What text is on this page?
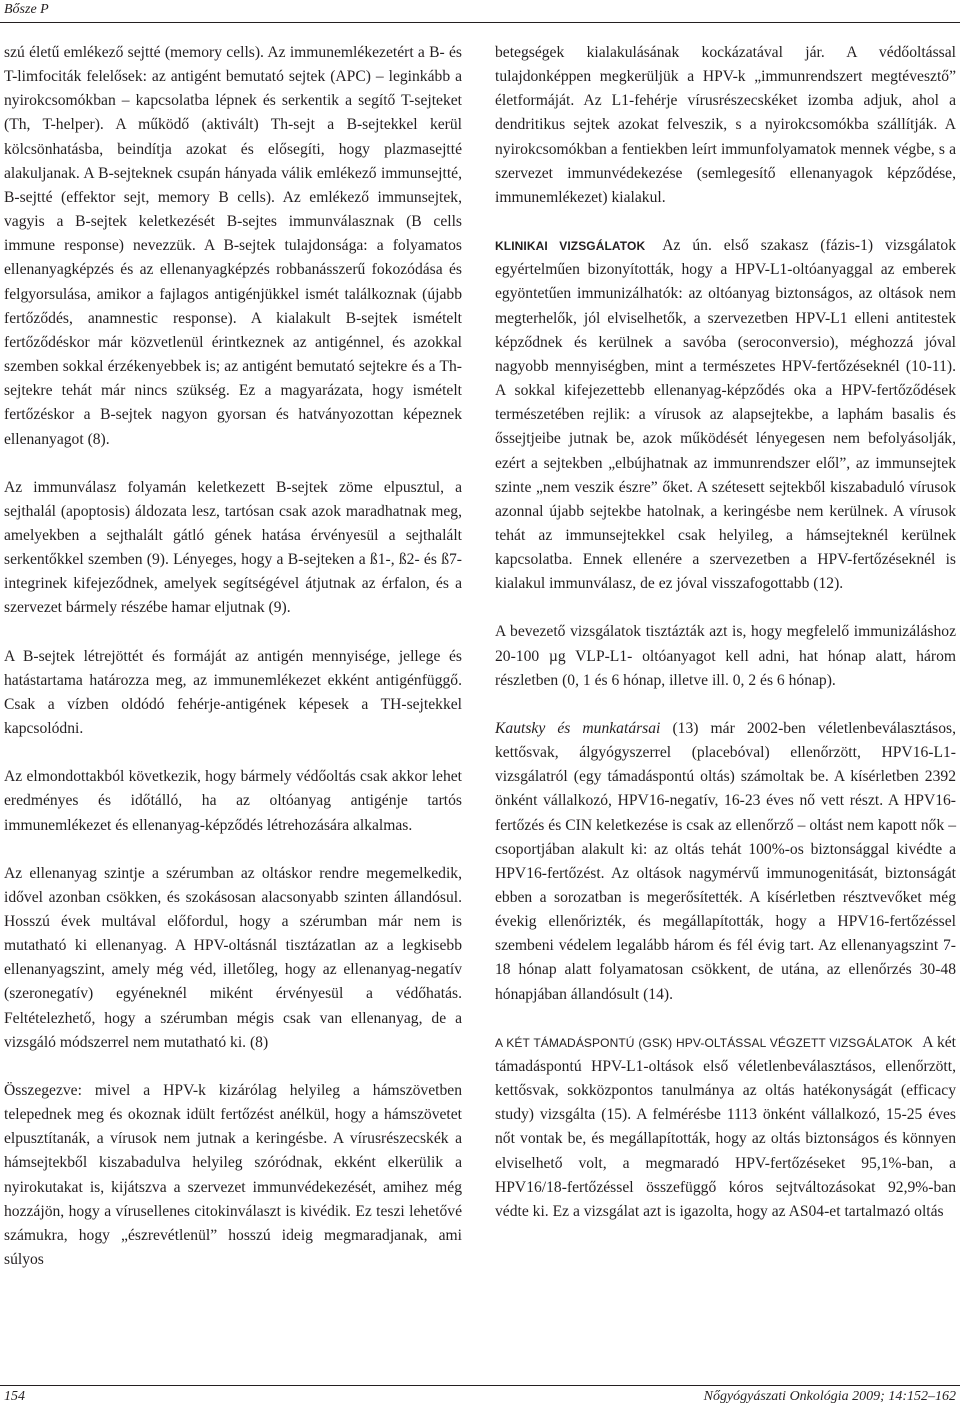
Bősze P

szú életű emlékező sejtté (memory cells). Az immunemlékezetért a B- és T-limfociták felelősek: az antigént bemutató sejtek (APC) – leginkább a nyirokcsomókban – kapcsolatba lépnek és serkentik a segítő T-sejteket (Th, T-helper). A működő (aktivált) Th-sejt a B-sejtekkel kerül kölcsönhatásba, beindítja azokat és elősegíti, hogy plazmasejtté alakuljanak. A B-sejteknek csupán hányada válik emlékező immunsejtté, B-sejtté (effektor sejt, memory B cells). Az emlékező immunsejtek, vagyis a B-sejtek keletkezését B-sejtes immunválasznak (B cells immune response) nevezzük. A B-sejtek tulajdonsága: a folyamatos ellenanyagképzés és az ellenanyagképzés robbanásszerű fokozódása és felgyorsulása, amikor a fajlagos antigénjükkel ismét találkoznak (újabb fertőződés, anamnestic response). A kialakult B-sejtek ismételt fertőződéskor már közvetlenül érintkeznek az antigénnel, és azokkal szemben sokkal érzékenyebbek is; az antigént bemutató sejtekre és a Th-sejtekre tehát már nincs szükség. Ez a magyarázata, hogy ismételt fertőzéskor a B-sejtek nagyon gyorsan és hatványozottan képeznek ellenanyagot (8).

Az immunválasz folyamán keletkezett B-sejtek zöme elpusztul, a sejthalál (apoptosis) áldozata lesz, tartósan csak azok maradhatnak meg, amelyekben a sejthalált gátló gének hatása érvényesül a sejthalált serkentőkkel szemben (9). Lényeges, hogy a B-sejteken a ß1-, ß2- és ß7-integrinek kifejeződnek, amelyek segítségével átjutnak az érfalon, és a szervezet bármely részébe hamar eljutnak (9).

A B-sejtek létrejöttét és formáját az antigén mennyisége, jellege és hatástartama határozza meg, az immunemlékezet ekként antigénfüggő. Csak a vízben oldódó fehérje-antigének képesek a TH-sejtekkel kapcsolódni.

Az elmondottakból következik, hogy bármely védőoltás csak akkor lehet eredményes és időtálló, ha az oltóanyag antigénje tartós immunemlékezet és ellenanyag-képződés létrehozására alkalmas.

Az ellenanyag szintje a szérumban az oltáskor rendre megemelkedik, idővel azonban csökken, és szokásosan alacsonyabb szinten állandósul. Hosszú évek multával előfordul, hogy a szérumban már nem is mutatható ki ellenanyag. A HPV-oltásnál tisztázatlan az a legkisebb ellenanyagszint, amely még véd, illetőleg, hogy az ellenanyag-negatív (szeronegatív) egyéneknél miként érvényesül a védőhatás. Feltételezhető, hogy a szérumban mégis csak van ellenanyag, de a vizsgáló módszerrel nem mutatható ki. (8)

Összegezve: mivel a HPV-k kizárólag helyileg a hámszövetben telepednek meg és okoznak idült fertőzést anélkül, hogy a hámszövetet elpusztítanák, a vírusok nem jutnak a keringésbe. A vírusrészecskék a hámsejtekből kiszabadulva helyileg szóródnak, ekként elkerülik a nyirokutakat is, kijátszva a szervezet immunvédekezését, amihez még hozzájön, hogy a vírusellenes citokinválaszt is kivédik. Ez teszi lehetővé számukra, hogy „észrevétlenül” hosszú ideig megmaradjanak, ami súlyos

betegségek kialakulásának kockázatával jár. A védőoltással tulajdonképpen megkerüljük a HPV-k „immunrendszert megtévesztő” életformáját. Az L1-fehérje vírusrészecskéket izomba adjuk, ahol a dendritikus sejtek azokat felveszik, s a nyirokcsomókba szállítják. A nyirokcsomókban a fentiekben leírt immunfolyamatok mennek végbe, s a szervezet immunvédekezése (semlegesítő ellenanyagok képződése, immunemlékezet) kialakul.

KLINIKAI VIZSGÁLATOK Az ún. első szakasz (fázis-1) vizsgálatok egyértelműen bizonyították, hogy a HPV-L1-oltóanyaggal az emberek egyöntetűen immunizálhatók: az oltóanyag biztonságos, az oltások nem megterhelők, jól elviselhetők, a szervezetben HPV-L1 elleni antitestek képződnek és kerülnek a savóba (seroconversio), méghozzá jóval nagyobb mennyiségben, mint a természetes HPV-fertőzéseknél (10-11). A sokkal kifejezettebb ellenanyag-képződés oka a HPV-fertőződések természetében rejlik: a vírusok az alapsejtekbe, a laphám basalis és őssejtjeibe jutnak be, azok működését lényegesen nem befolyásolják, ezért a sejtekben „elbújhatnak az immunrendszer elől”, az immunsejtek szinte „nem veszik észre” őket. A szétesett sejtekből kiszabaduló vírusok azonnal újabb sejtekbe hatolnak, a keringésbe nem kerülnek. A vírusok tehát az immunsejtekkel csak helyileg, a hámsejteknél kerülnek kapcsolatba. Ennek ellenére a szervezetben a HPV-fertőzéseknél is kialakul immunválasz, de ez jóval visszafogottabb (12).

A bevezető vizsgálatok tisztázták azt is, hogy megfelelő immunizáláshoz 20-100 µg VLP-L1- oltóanyagot kell adni, hat hónap alatt, három részletben (0, 1 és 6 hónap, illetve ill. 0, 2 és 6 hónap).

Kautsky és munkatársai (13) már 2002-ben véletlenbeválasztásos, kettősvak, álgyógyszerrel (placebóval) ellenőrzött, HPV16-L1-vizsgálatról (egy támadáspontú oltás) számoltak be. A kísérletben 2392 önként vállalkozó, HPV16-negatív, 16-23 éves nő vett részt. A HPV16-fertőzés és CIN keletkezése is csak az ellenőrző – oltást nem kapott nők – csoportjában alakult ki: az oltás tehát 100%-os biztonsággal kivédte a HPV16-fertőzést. Az oltások nagymérvű immunogenitását, biztonságát ebben a sorozatban is megerősítették. A kísérletben résztvevőket még évekig ellenőrizték, és megállapították, hogy a HPV16-fertőzéssel szembeni védelem legalább három és fél évig tart. Az ellenanyagszint 7-18 hónap alatt folyamatosan csökkent, de utána, az ellenőrzés 30-48 hónapjában állandósult (14).

A KÉT TÁMADÁSPONTÚ (GSK) HPV-OLTÁSSAL VÉGZETT VIZSGÁLATOK A két támadáspontú HPV-L1-oltások első véletlenbeválasztásos, ellenőrzött, kettősvak, sokközpontos tanulmánya az oltás hatékonyságát (efficacy study) vizsgálta (15). A felmérésbe 1113 önként vállalkozó, 15-25 éves nőt vontak be, és megállapították, hogy az oltás biztonságos és könnyen elviselhető volt, a megmaradó HPV-fertőzéseket 95,1%-ban, a HPV16/18-fertőzéssel összefüggő kóros sejtváltozásokat 92,9%-ban védte ki. Ez a vizsgálat azt is igazolta, hogy az AS04-et tartalmazó oltás

154	Nőgyógyászati Onkológia 2009; 14:152–162
